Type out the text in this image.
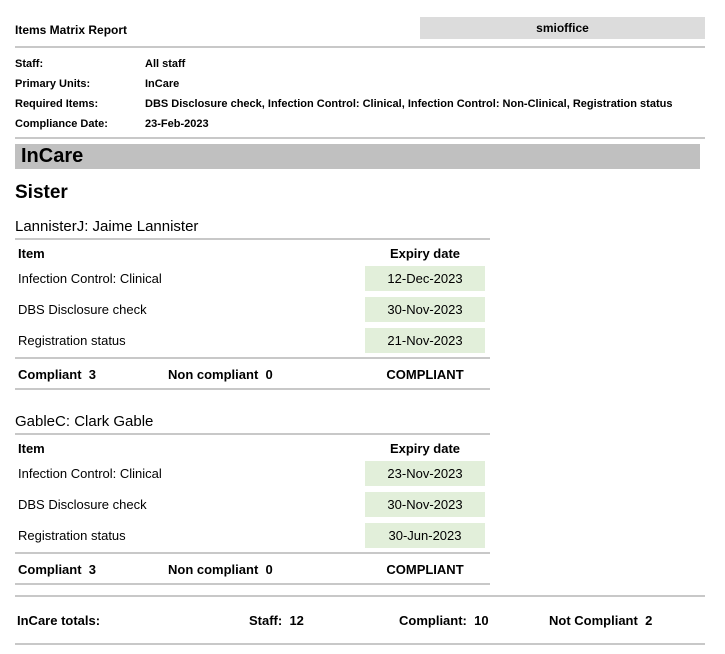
Items Matrix Report	smioffice
Staff:	All staff
Primary Units:	InCare
Required Items:	DBS Disclosure check, Infection Control: Clinical, Infection Control: Non-Clinical, Registration status
Compliance Date:	23-Feb-2023
InCare
Sister
LannisterJ: Jaime Lannister
Item	Expiry date
Infection Control: Clinical	12-Dec-2023
DBS Disclosure check	30-Nov-2023
Registration status	21-Nov-2023
Compliant 3	Non compliant 0	COMPLIANT
GableC: Clark Gable
Item	Expiry date
Infection Control: Clinical	23-Nov-2023
DBS Disclosure check	30-Nov-2023
Registration status	30-Jun-2023
Compliant 3	Non compliant 0	COMPLIANT
InCare totals:	Staff: 12	Compliant: 10	Not Compliant 2
